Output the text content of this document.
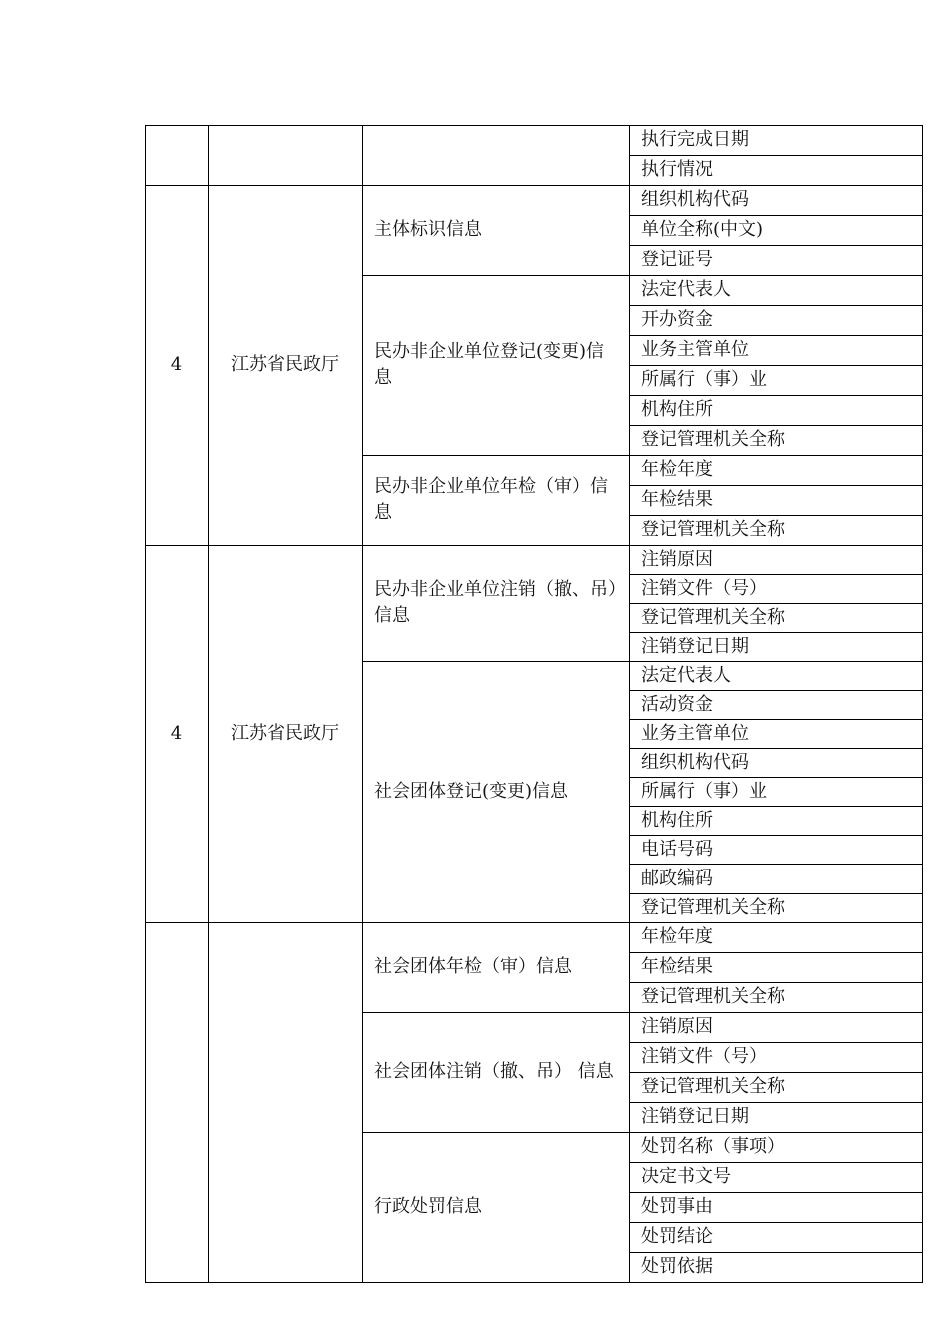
执行完成日期
执行情况
组织机构代码
单位全称(中文)
登记证号
主体标识信息
法定代表人
开办资金
业务主管单位
所属行（事）业
机构住所
登记管理机关全称
民办非企业单位登记(变更)信息
年检年度
年检结果
登记管理机关全称
民办非企业单位年检（审）信息
4	江苏省民政厅
注销原因
注销文件（号）
登记管理机关全称
注销登记日期
民办非企业单位注销（撤、吊）信息
法定代表人
活动资金
业务主管单位
组织机构代码
所属行（事）业
机构住所
电话号码
邮政编码
登记管理机关全称
社会团体登记(变更)信息
4	江苏省民政厅
年检年度
年检结果
登记管理机关全称
社会团体年检（审）信息
注销原因
注销文件（号）
登记管理机关全称
注销登记日期
社会团体注销（撤、吊） 信息
处罚名称（事项）
决定书文号
处罚事由
处罚结论
处罚依据
行政处罚信息
